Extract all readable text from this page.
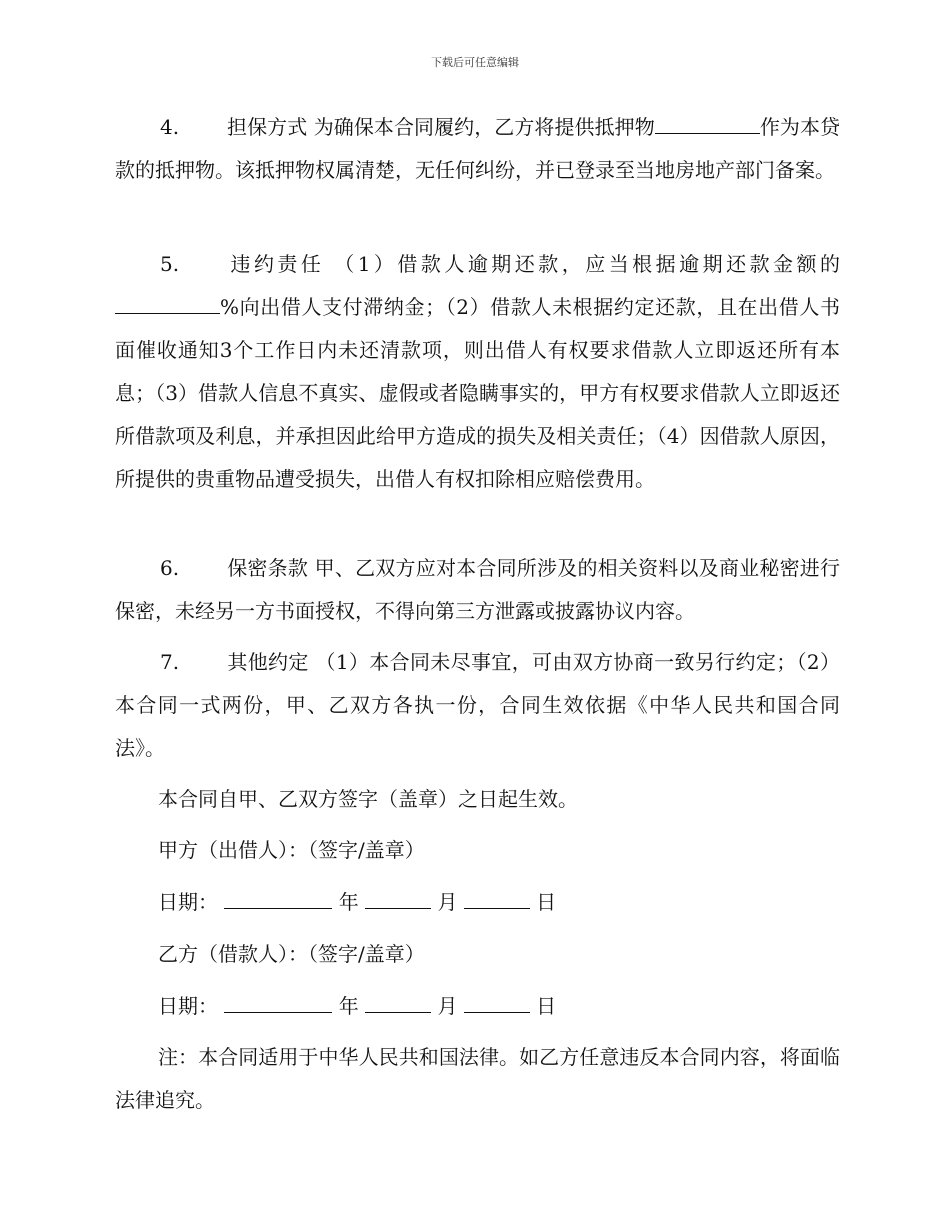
下载后可任意编辑

4. 担保方式 为确保本合同履约，乙方将提供抵押物	作为本贷款的抵押物。该抵押物权属清楚，无任何纠纷，并已登录至当地房地产部门备案。

5. 违约责任 （1）借款人逾期还款，应当根据逾期还款金额的%向出借人支付滞纳金；（2）借款人未根据约定还款，且在出借人书面催收通知3个工作日内未还清款项，则出借人有权要求借款人立即返还所有本息；（3）借款人信息不真实、虚假或者隐瞒事实的，甲方有权要求借款人立即返还所借款项及利息，并承担因此给甲方造成的损失及相关责任；（4）因借款人原因，所提供的贵重物品遭受损失，出借人有权扣除相应赔偿费用。

6. 保密条款 甲、乙双方应对本合同所涉及的相关资料以及商业秘密进行保密，未经另一方书面授权，不得向第三方泄露或披露协议内容。

7. 其他约定 （1）本合同未尽事宜，可由双方协商一致另行约定；（2）本合同一式两份，甲、乙双方各执一份，合同生效依据《中华人民共和国合同法》。

本合同自甲、乙双方签字（盖章）之日起生效。
甲方（出借人）：（签字/盖章）
日期：	年	月	日
乙方（借款人）：（签字/盖章）
日期：	年	月	日

注：本合同适用于中华人民共和国法律。如乙方任意违反本合同内容，将面临法律追究。
